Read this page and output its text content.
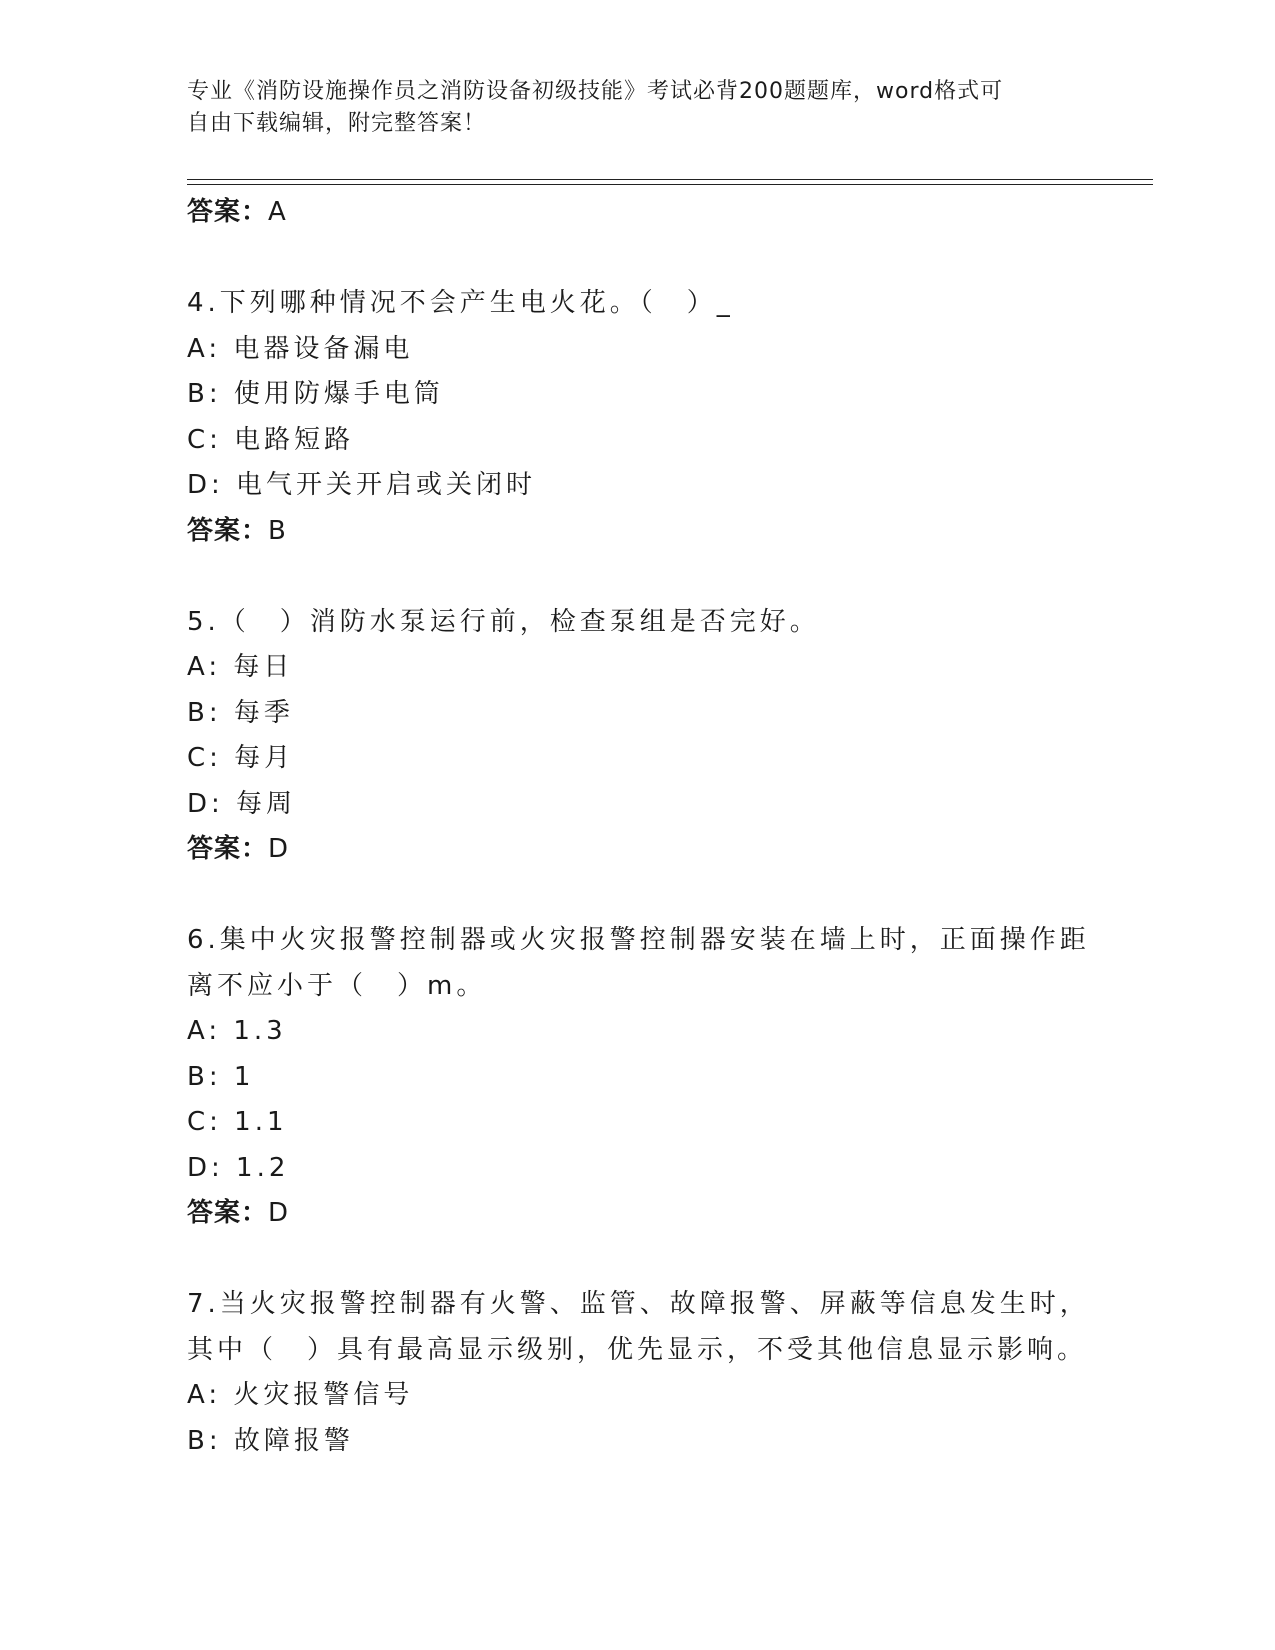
专业《消防设施操作员之消防设备初级技能》考试必背200题题库，word格式可
自由下载编辑，附完整答案！
答案：A
4.下列哪种情况不会产生电火花。（　）_
A: 电器设备漏电
B: 使用防爆手电筒
C: 电路短路
D: 电气开关开启或关闭时
答案：B
5.（　）消防水泵运行前，检查泵组是否完好。
A: 每日
B: 每季
C: 每月
D: 每周
答案：D
6.集中火灾报警控制器或火灾报警控制器安装在墙上时，正面操作距
离不应小于（　）m。
A: 1.3
B: 1
C: 1.1
D: 1.2
答案：D
7.当火灾报警控制器有火警、监管、故障报警、屏蔽等信息发生时，
其中（　）具有最高显示级别，优先显示，不受其他信息显示影响。
A: 火灾报警信号
B: 故障报警
